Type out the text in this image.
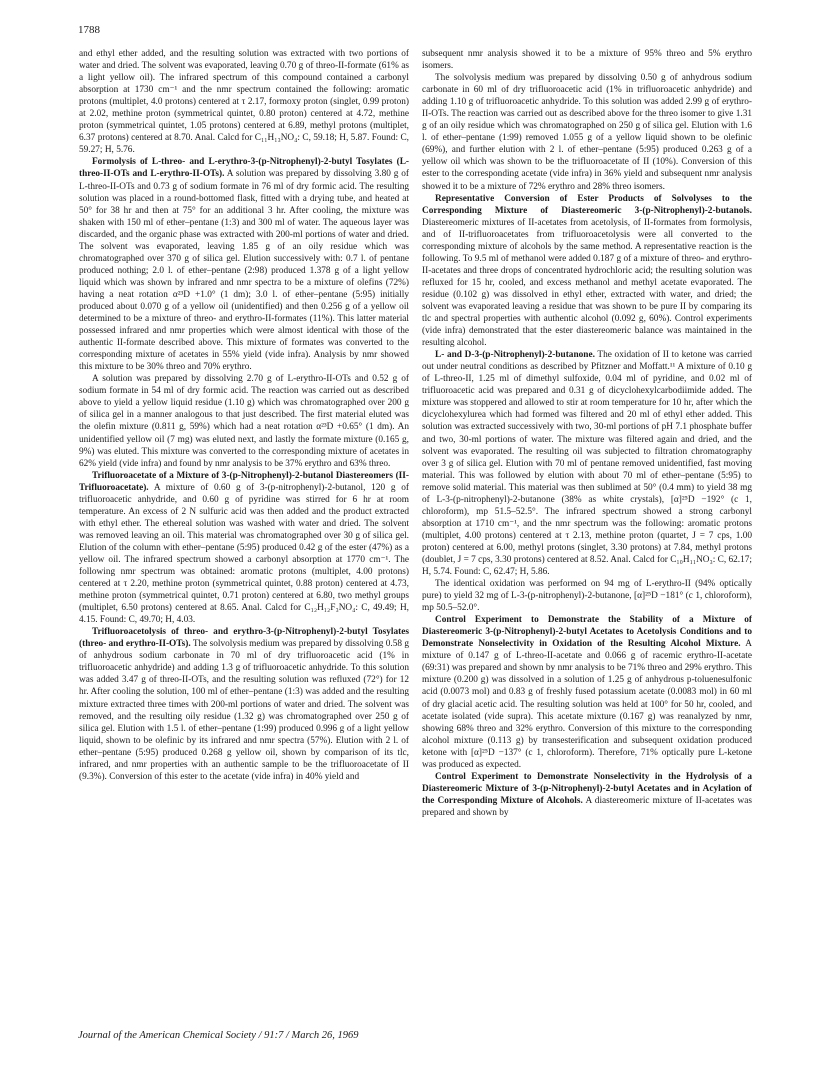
1788

and ethyl ether added, and the resulting solution was extracted with two portions of water and dried. The solvent was evaporated, leaving 0.70 g of threo-II-formate (61% as a light yellow oil). The infrared spectrum of this compound contained a carbonyl absorption at 1730 cm⁻¹ and the nmr spectrum contained the following: aromatic protons (multiplet, 4.0 protons) centered at τ 2.17, formoxy proton (singlet, 0.99 proton) at 2.02, methine proton (symmetrical quintet, 0.80 proton) centered at 4.72, methine proton (symmetrical quintet, 1.05 protons) centered at 6.89, methyl protons (multiplet, 6.37 protons) centered at 8.70. Anal. Calcd for C₁₁H₁₃NO₄: C, 59.18; H, 5.87. Found: C, 59.27; H, 5.76.

Formolysis of L-threo- and L-erythro-3-(p-Nitrophenyl)-2-butyl Tosylates (L-threo-II-OTs and L-erythro-II-OTs). A solution was prepared by dissolving 3.80 g of L-threo-II-OTs and 0.73 g of sodium formate in 76 ml of dry formic acid. The resulting solution was placed in a round-bottomed flask, fitted with a drying tube, and heated at 50° for 38 hr and then at 75° for an additional 3 hr. After cooling, the mixture was shaken with 150 ml of ether–pentane (1:3) and 300 ml of water. The aqueous layer was discarded, and the organic phase was extracted with 200-ml portions of water and dried. The solvent was evaporated, leaving 1.85 g of an oily residue which was chromatographed over 370 g of silica gel. Elution successively with: 0.7 l. of pentane produced nothing; 2.0 l. of ether–pentane (2:98) produced 1.378 g of a light yellow liquid which was shown by infrared and nmr spectra to be a mixture of olefins (72%) having a neat rotation α²³D +1.0° (1 dm); 3.0 l. of ether–pentane (5:95) initially produced about 0.070 g of a yellow oil (unidentified) and then 0.256 g of a yellow oil determined to be a mixture of threo- and erythro-II-formates (11%). This latter material possessed infrared and nmr properties which were almost identical with those of the authentic II-formate described above. This mixture of formates was converted to the corresponding mixture of acetates in 55% yield (vide infra). Analysis by nmr showed this mixture to be 30% threo and 70% erythro.

A solution was prepared by dissolving 2.70 g of L-erythro-II-OTs and 0.52 g of sodium formate in 54 ml of dry formic acid. The reaction was carried out as described above to yield a yellow liquid residue (1.10 g) which was chromatographed over 200 g of silica gel in a manner analogous to that just described. The first material eluted was the olefin mixture (0.811 g, 59%) which had a neat rotation α²³D +0.65° (1 dm). An unidentified yellow oil (7 mg) was eluted next, and lastly the formate mixture (0.165 g, 9%) was eluted. This mixture was converted to the corresponding mixture of acetates in 62% yield (vide infra) and found by nmr analysis to be 37% erythro and 63% threo.

Trifluoroacetate of a Mixture of 3-(p-Nitrophenyl)-2-butanol Diastereomers (II-Trifluoroacetate). A mixture of 0.60 g of 3-(p-nitrophenyl)-2-butanol, 120 g of trifluoroacetic anhydride, and 0.60 g of pyridine was stirred for 6 hr at room temperature. An excess of 2 N sulfuric acid was then added and the product extracted with ethyl ether. The ethereal solution was washed with water and dried. The solvent was removed leaving an oil. This material was chromatographed over 30 g of silica gel. Elution of the column with ether–pentane (5:95) produced 0.42 g of the ester (47%) as a yellow oil. The infrared spectrum showed a carbonyl absorption at 1770 cm⁻¹. The following nmr spectrum was obtained: aromatic protons (multiplet, 4.00 protons) centered at τ 2.20, methine proton (symmetrical quintet, 0.88 proton) centered at 4.73, methine proton (symmetrical quintet, 0.71 proton) centered at 6.80, two methyl groups (multiplet, 6.50 protons) centered at 8.65. Anal. Calcd for C₁₂H₁₂F₃NO₄: C, 49.49; H, 4.15. Found: C, 49.70; H, 4.03.

Trifluoroacetolysis of threo- and erythro-3-(p-Nitrophenyl)-2-butyl Tosylates (threo- and erythro-II-OTs). The solvolysis medium was prepared by dissolving 0.58 g of anhydrous sodium carbonate in 70 ml of dry trifluoroacetic acid (1% in trifluoroacetic anhydride) and adding 1.3 g of trifluoroacetic anhydride. To this solution was added 3.47 g of threo-II-OTs, and the resulting solution was refluxed (72°) for 12 hr. After cooling the solution, 100 ml of ether–pentane (1:3) was added and the resulting mixture extracted three times with 200-ml portions of water and dried. The solvent was removed, and the resulting oily residue (1.32 g) was chromatographed over 250 g of silica gel. Elution with 1.5 l. of ether–pentane (1:99) produced 0.996 g of a light yellow liquid, shown to be olefinic by its infrared and nmr spectra (57%). Elution with 2 l. of ether–pentane (5:95) produced 0.268 g yellow oil, shown by comparison of its tlc, infrared, and nmr properties with an authentic sample to be the trifluoroacetate of II (9.3%). Conversion of this ester to the acetate (vide infra) in 40% yield and

subsequent nmr analysis showed it to be a mixture of 95% threo and 5% erythro isomers.

The solvolysis medium was prepared by dissolving 0.50 g of anhydrous sodium carbonate in 60 ml of dry trifluoroacetic acid (1% in trifluoroacetic anhydride) and adding 1.10 g of trifluoroacetic anhydride. To this solution was added 2.99 g of erythro-II-OTs. The reaction was carried out as described above for the threo isomer to give 1.31 g of an oily residue which was chromatographed on 250 g of silica gel. Elution with 1.6 l. of ether–pentane (1:99) removed 1.055 g of a yellow liquid shown to be olefinic (69%), and further elution with 2 l. of ether–pentane (5:95) produced 0.263 g of a yellow oil which was shown to be the trifluoroacetate of II (10%). Conversion of this ester to the corresponding acetate (vide infra) in 36% yield and subsequent nmr analysis showed it to be a mixture of 72% erythro and 28% threo isomers.

Representative Conversion of Ester Products of Solvolyses to the Corresponding Mixture of Diastereomeric 3-(p-Nitrophenyl)-2-butanols. Diastereomeric mixtures of II-acetates from acetolysis, of II-formates from formolysis, and of II-trifluoroacetates from trifluoroacetolysis were all converted to the corresponding mixture of alcohols by the same method. A representative reaction is the following. To 9.5 ml of methanol were added 0.187 g of a mixture of threo- and erythro-II-acetates and three drops of concentrated hydrochloric acid; the resulting solution was refluxed for 15 hr, cooled, and excess methanol and methyl acetate evaporated. The residue (0.102 g) was dissolved in ethyl ether, extracted with water, and dried; the solvent was evaporated leaving a residue that was shown to be pure II by comparing its tlc and spectral properties with authentic alcohol (0.092 g, 60%). Control experiments (vide infra) demonstrated that the ester diastereomeric balance was maintained in the resulting alcohol.

L- and D-3-(p-Nitrophenyl)-2-butanone. The oxidation of II to ketone was carried out under neutral conditions as described by Pfitzner and Moffatt.¹¹ A mixture of 0.10 g of L-threo-II, 1.25 ml of dimethyl sulfoxide, 0.04 ml of pyridine, and 0.02 ml of trifluoroacetic acid was prepared and 0.31 g of dicyclohexylcarbodiimide added. The mixture was stoppered and allowed to stir at room temperature for 10 hr, after which the dicyclohexylurea which had formed was filtered and 20 ml of ethyl ether added. This solution was extracted successively with two, 30-ml portions of pH 7.1 phosphate buffer and two, 30-ml portions of water. The mixture was filtered again and dried, and the solvent was evaporated. The resulting oil was subjected to filtration chromatography over 3 g of silica gel. Elution with 70 ml of pentane removed unidentified, fast moving material. This was followed by elution with about 70 ml of ether–pentane (5:95) to remove solid material. This material was then sublimed at 50° (0.4 mm) to yield 38 mg of L-3-(p-nitrophenyl)-2-butanone (38% as white crystals), [α]²⁵D −192° (c 1, chloroform), mp 51.5–52.5°. The infrared spectrum showed a strong carbonyl absorption at 1710 cm⁻¹, and the nmr spectrum was the following: aromatic protons (multiplet, 4.00 protons) centered at τ 2.13, methine proton (quartet, J = 7 cps, 1.00 proton) centered at 6.00, methyl protons (singlet, 3.30 protons) at 7.84, methyl protons (doublet, J = 7 cps, 3.30 protons) centered at 8.52. Anal. Calcd for C₁₀H₁₁NO₃: C, 62.17; H, 5.74. Found: C, 62.47; H, 5.86.

The identical oxidation was performed on 94 mg of L-erythro-II (94% optically pure) to yield 32 mg of L-3-(p-nitrophenyl)-2-butanone, [α]²⁵D −181° (c 1, chloroform), mp 50.5–52.0°.

Control Experiment to Demonstrate the Stability of a Mixture of Diastereomeric 3-(p-Nitrophenyl)-2-butyl Acetates to Acetolysis Conditions and to Demonstrate Nonselectivity in Oxidation of the Resulting Alcohol Mixture. A mixture of 0.147 g of L-threo-II-acetate and 0.066 g of racemic erythro-II-acetate (69:31) was prepared and shown by nmr analysis to be 71% threo and 29% erythro. This mixture (0.200 g) was dissolved in a solution of 1.25 g of anhydrous p-toluenesulfonic acid (0.0073 mol) and 0.83 g of freshly fused potassium acetate (0.0083 mol) in 60 ml of dry glacial acetic acid. The resulting solution was held at 100° for 50 hr, cooled, and acetate isolated (vide supra). This acetate mixture (0.167 g) was reanalyzed by nmr, showing 68% threo and 32% erythro. Conversion of this mixture to the corresponding alcohol mixture (0.113 g) by transesterification and subsequent oxidation produced ketone with [α]²⁵D −137° (c 1, chloroform). Therefore, 71% optically pure L-ketone was produced as expected.

Control Experiment to Demonstrate Nonselectivity in the Hydrolysis of a Diastereomeric Mixture of 3-(p-Nitrophenyl)-2-butyl Acetates and in Acylation of the Corresponding Mixture of Alcohols. A diastereomeric mixture of II-acetates was prepared and shown by

Journal of the American Chemical Society / 91:7 / March 26, 1969
